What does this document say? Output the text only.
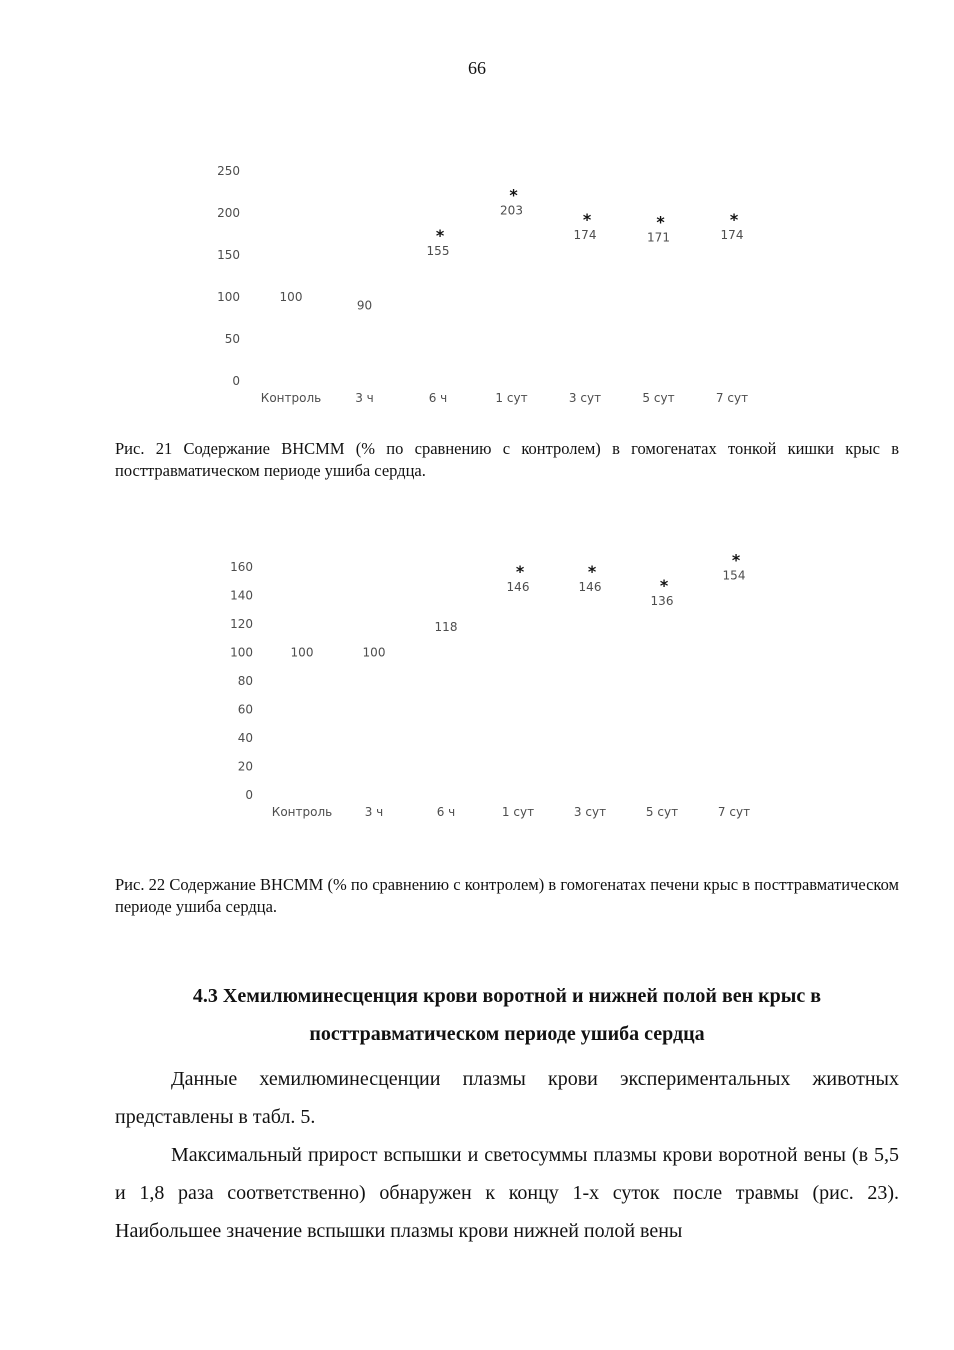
66
0
50
100
150
200
250
Контроль	3 ч	6 ч	1 сут	3 сут	5 сут	7 сут
100
90
155
*
203
*
174
*
171
*
174
*
Рис. 21 Содержание ВНСММ (% по сравнению с контролем) в гомогенатах тонкой кишки крыс в посттравматическом периоде ушиба сердца.
0
20
40
60
80
100
120
140
160
Контроль	3 ч	6 ч	1 сут	3 сут	5 сут	7 сут
100	100
118
146
*
146
*
136
*
154
*
Рис. 22 Содержание ВНСММ (% по сравнению с контролем) в гомогенатах печени крыс в посттравматическом периоде ушиба сердца.
4.3 Хемилюминесценция крови воротной и нижней полой вен крыс в
посттравматическом периоде ушиба сердца

Данные хемилюминесценции плазмы крови экспериментальных животных представлены в табл. 5.

Максимальный прирост вспышки и светосуммы плазмы крови воротной вены (в 5,5 и 1,8 раза соответственно) обнаружен к концу 1-х суток после травмы (рис. 23). Наибольшее значение вспышки плазмы крови нижней полой вены
